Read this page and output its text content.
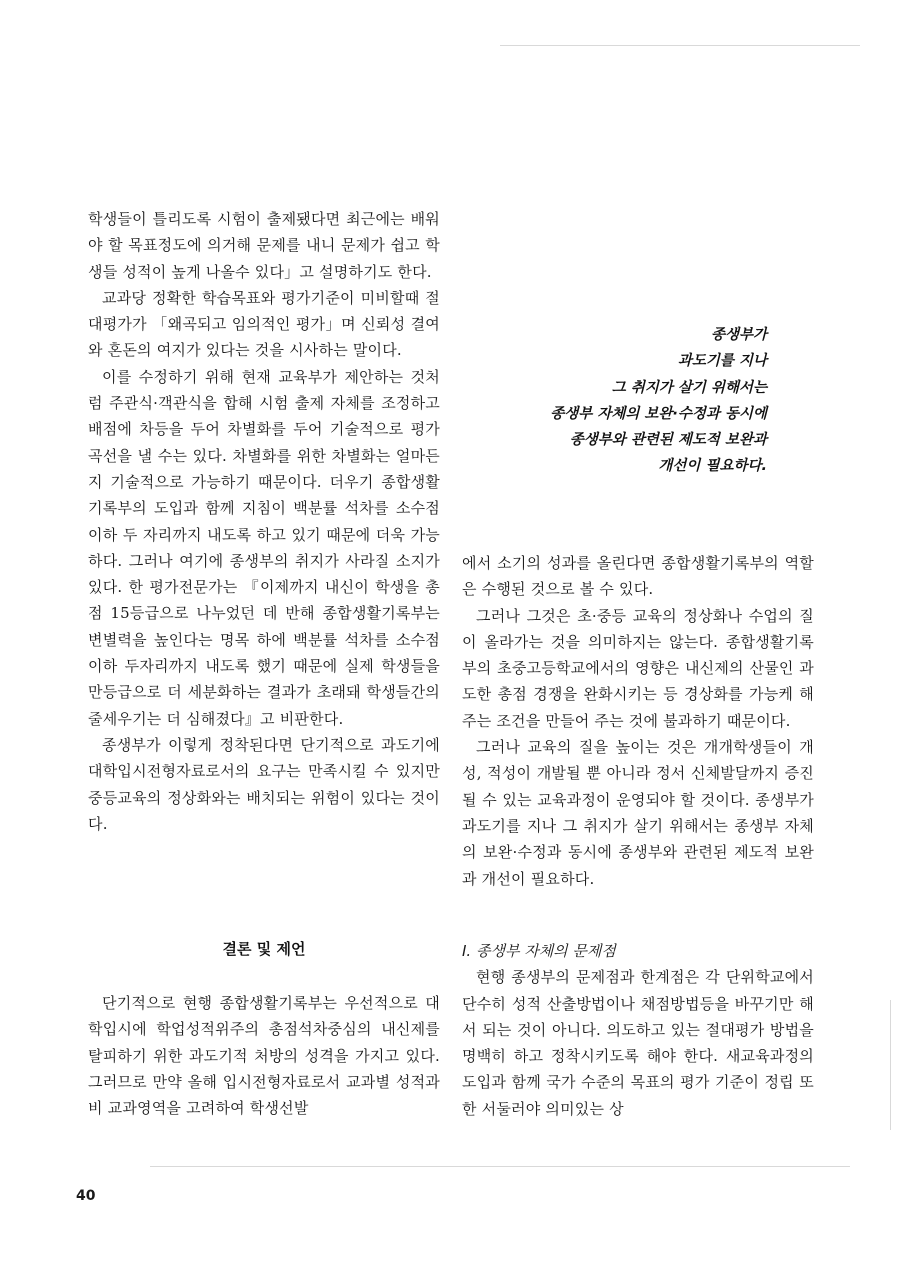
학생들이 틀리도록 시험이 출제됐다면 최근에는 배워야 할 목표정도에 의거해 문제를 내니 문제가 쉽고 학생들 성적이 높게 나올수 있다」고 설명하기도 한다.

교과당 정확한 학습목표와 평가기준이 미비할때 절대평가가 「왜곡되고 임의적인 평가」며 신뢰성 결여와 혼돈의 여지가 있다는 것을 시사하는 말이다.

이를 수정하기 위해 현재 교육부가 제안하는 것처럼 주관식·객관식을 합해 시험 출제 자체를 조정하고 배점에 차등을 두어 차별화를 두어 기술적으로 평가곡선을 낼 수는 있다. 차별화를 위한 차별화는 얼마든지 기술적으로 가능하기 때문이다. 더우기 종합생활기록부의 도입과 함께 지침이 백분률 석차를 소수점 이하 두 자리까지 내도록 하고 있기 때문에 더욱 가능하다. 그러나 여기에 종생부의 취지가 사라질 소지가 있다. 한 평가전문가는 『이제까지 내신이 학생을 총점 15등급으로 나누었던 데 반해 종합생활기록부는 변별력을 높인다는 명목 하에 백분률 석차를 소수점 이하 두자리까지 내도록 했기 때문에 실제 학생들을 만등급으로 더 세분화하는 결과가 초래돼 학생들간의 줄세우기는 더 심해졌다』고 비판한다.

종생부가 이렇게 정착된다면 단기적으로 과도기에 대학입시전형자료로서의 요구는 만족시킬 수 있지만 중등교육의 정상화와는 배치되는 위험이 있다는 것이다.

종생부가
과도기를 지나
그 취지가 살기 위해서는
종생부 자체의 보완·수정과 동시에
종생부와 관련된 제도적 보완과
개선이 필요하다.

에서 소기의 성과를 올린다면 종합생활기록부의 역할은 수행된 것으로 볼 수 있다.

그러나 그것은 초·중등 교육의 정상화나 수업의 질이 올라가는 것을 의미하지는 않는다. 종합생활기록부의 초중고등학교에서의 영향은 내신제의 산물인 과도한 총점 경쟁을 완화시키는 등 경상화를 가능케 해주는 조건을 만들어 주는 것에 불과하기 때문이다.

그러나 교육의 질을 높이는 것은 개개학생들이 개성, 적성이 개발될 뿐 아니라 정서 신체발달까지 증진될 수 있는 교육과정이 운영되야 할 것이다. 종생부가 과도기를 지나 그 취지가 살기 위해서는 종생부 자체의 보완·수정과 동시에 종생부와 관련된 제도적 보완과 개선이 필요하다.

결론 및 제언

단기적으로 현행 종합생활기록부는 우선적으로 대학입시에 학업성적위주의 총점석차중심의 내신제를 탈피하기 위한 과도기적 처방의 성격을 가지고 있다. 그러므로 만약 올해 입시전형자료로서 교과별 성적과 비 교과영역을 고려하여 학생선발

I. 종생부 자체의 문제점

현행 종생부의 문제점과 한계점은 각 단위학교에서 단수히 성적 산출방법이나 채점방법등을 바꾸기만 해서 되는 것이 아니다. 의도하고 있는 절대평가 방법을 명백히 하고 정착시키도록 해야 한다. 새교육과정의 도입과 함께 국가 수준의 목표의 평가 기준이 정립 또한 서둘러야 의미있는 상

40
